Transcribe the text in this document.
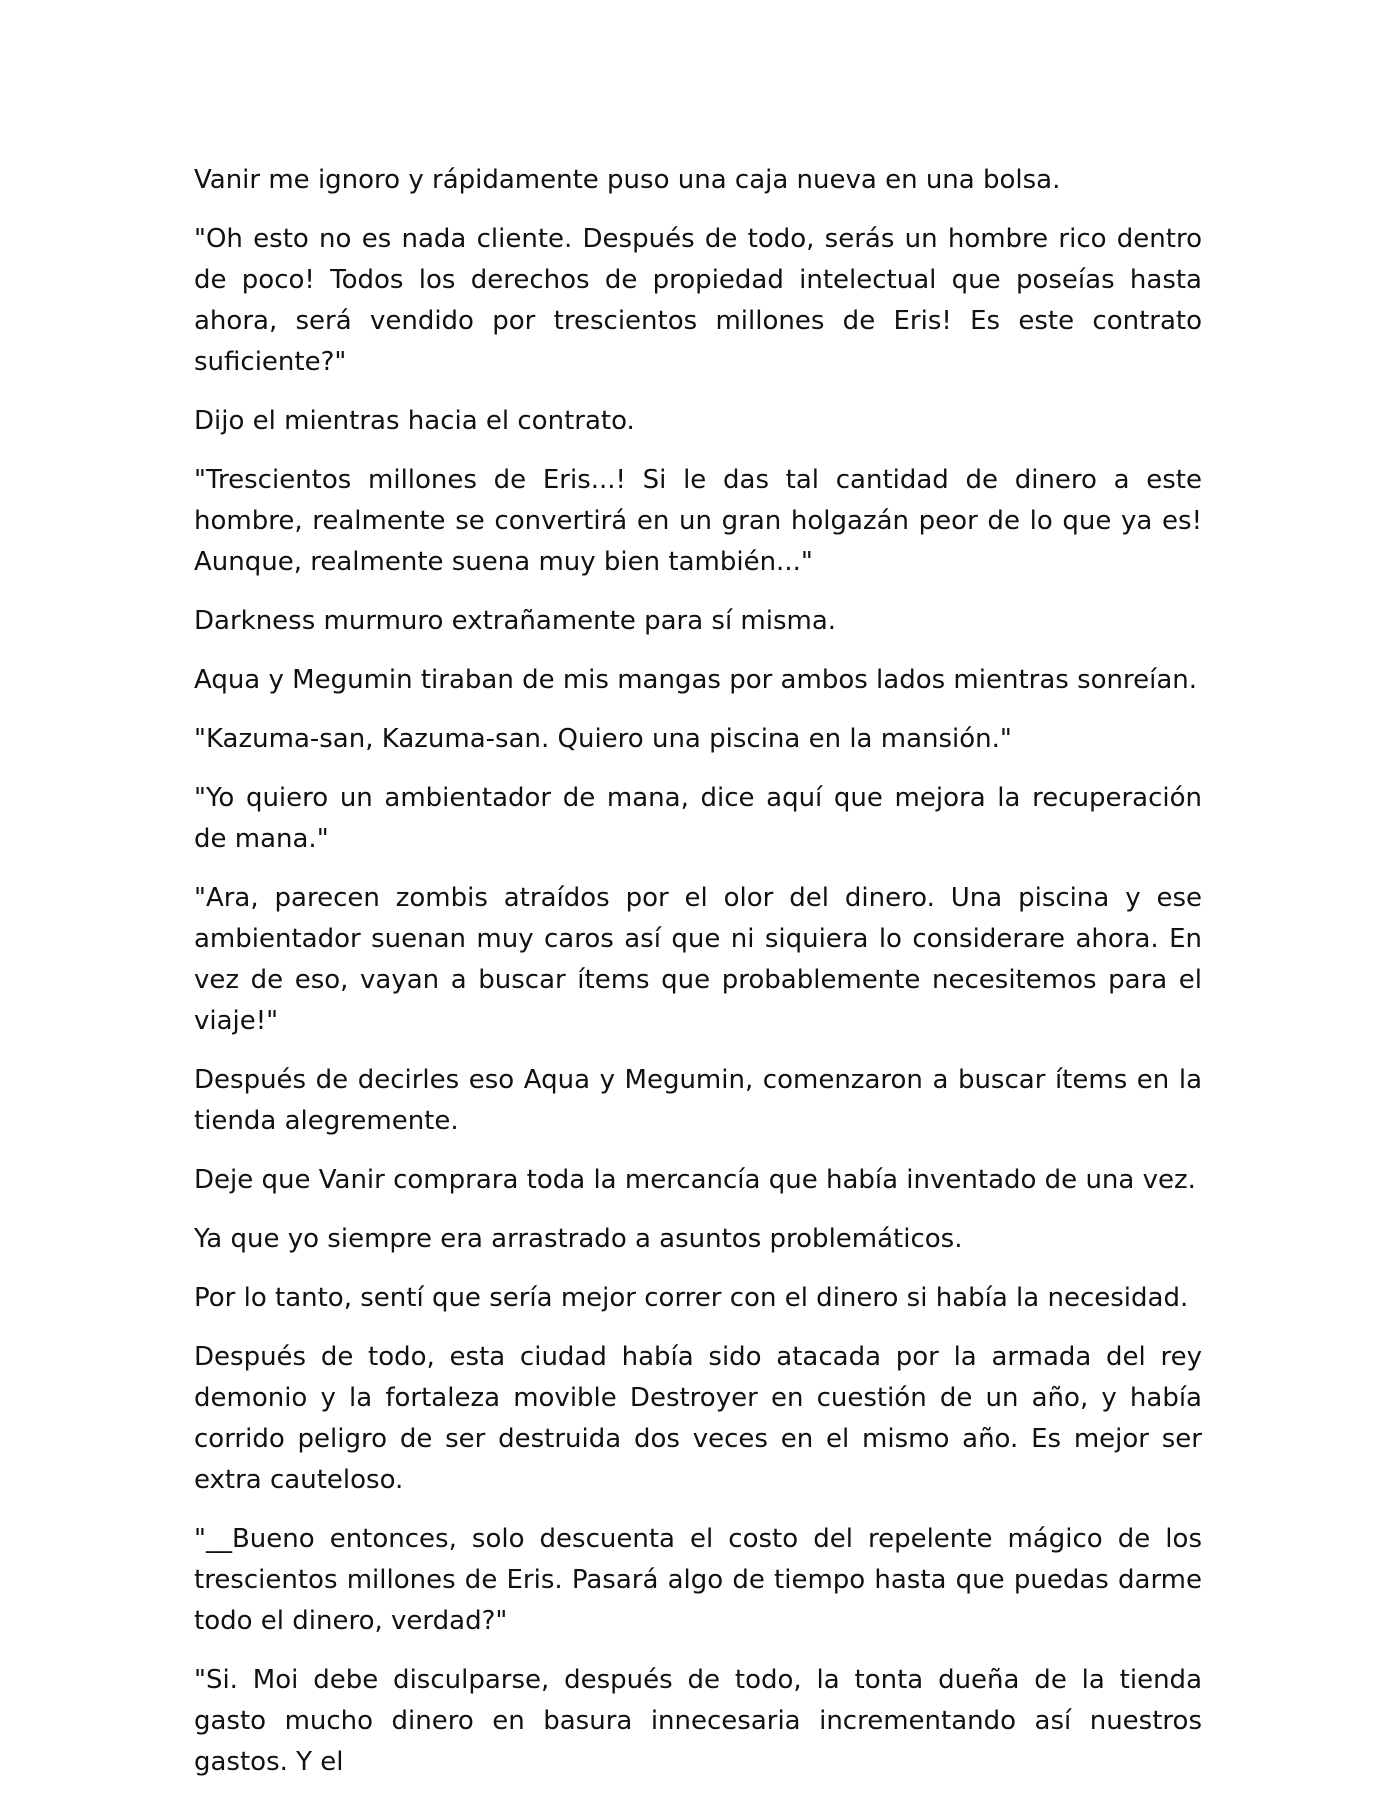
Vanir me ignoro y rápidamente puso una caja nueva en una bolsa.

"Oh esto no es nada cliente. Después de todo, serás un hombre rico dentro de poco! Todos los derechos de propiedad intelectual que poseías hasta ahora, será vendido por trescientos millones de Eris! Es este contrato suficiente?"

Dijo el mientras hacia el contrato.

"Trescientos millones de Eris...! Si le das tal cantidad de dinero a este hombre, realmente se convertirá en un gran holgazán peor de lo que ya es! Aunque, realmente suena muy bien también..."

Darkness murmuro extrañamente para sí misma.

Aqua y Megumin tiraban de mis mangas por ambos lados mientras sonreían.

"Kazuma-san, Kazuma-san. Quiero una piscina en la mansión."

"Yo quiero un ambientador de mana, dice aquí que mejora la recuperación de mana."

"Ara, parecen zombis atraídos por el olor del dinero. Una piscina y ese ambientador suenan muy caros así que ni siquiera lo considerare ahora. En vez de eso, vayan a buscar ítems que probablemente necesitemos para el viaje!"

Después de decirles eso Aqua y Megumin, comenzaron a buscar ítems en la tienda alegremente.

Deje que Vanir comprara toda la mercancía que había inventado de una vez.

Ya que yo siempre era arrastrado a asuntos problemáticos.

Por lo tanto, sentí que sería mejor correr con el dinero si había la necesidad.

Después de todo, esta ciudad había sido atacada por la armada del rey demonio y la fortaleza movible Destroyer en cuestión de un año, y había corrido peligro de ser destruida dos veces en el mismo año. Es mejor ser extra cauteloso.

"__Bueno entonces, solo descuenta el costo del repelente mágico de los trescientos millones de Eris. Pasará algo de tiempo hasta que puedas darme todo el dinero, verdad?"

"Si. Moi debe disculparse, después de todo, la tonta dueña de la tienda gasto mucho dinero en basura innecesaria incrementando así nuestros gastos. Y el
